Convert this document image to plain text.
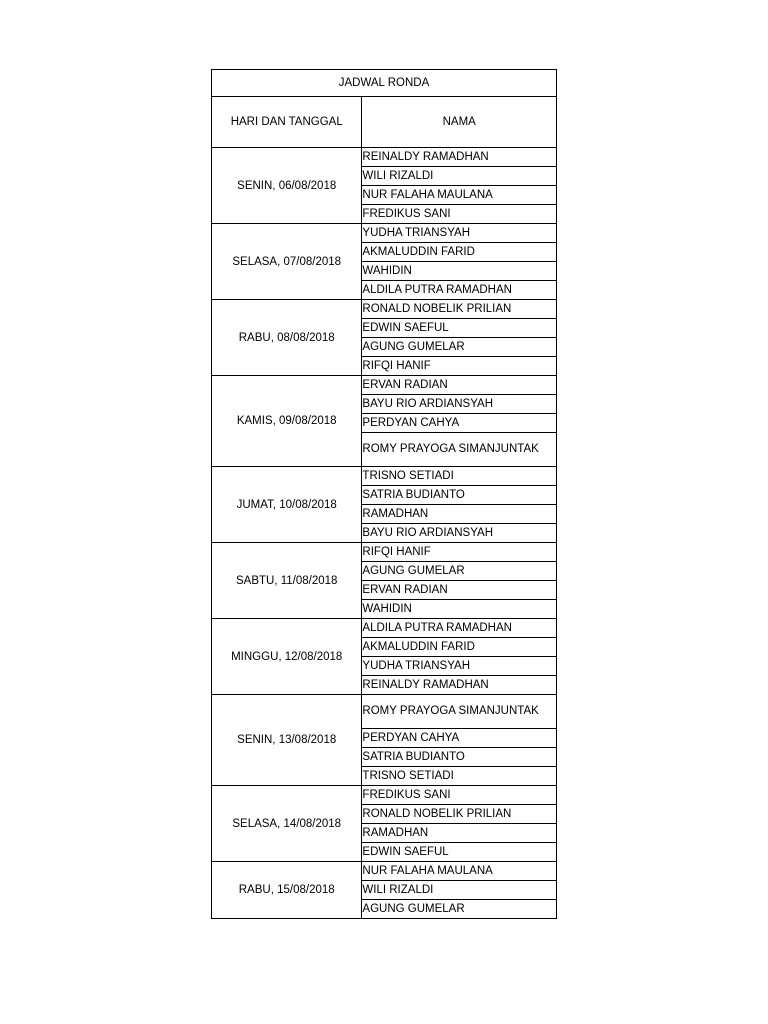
JADWAL RONDA	
HARI DAN TANGGAL	NAMA
SENIN, 06/08/2018	REINALDY RAMADHAN
	WILI RIZALDI
	NUR FALAHA MAULANA
	FREDIKUS SANI
SELASA, 07/08/2018	YUDHA TRIANSYAH
	AKMALUDDIN FARID
	WAHIDIN
	ALDILA PUTRA RAMADHAN
RABU, 08/08/2018	RONALD NOBELIK PRILIAN
	EDWIN SAEFUL
	AGUNG GUMELAR
	RIFQI HANIF
KAMIS, 09/08/2018	ERVAN RADIAN
	BAYU RIO ARDIANSYAH
	PERDYAN CAHYA
	ROMY PRAYOGA SIMANJUNTAK
JUMAT, 10/08/2018	TRISNO SETIADI
	SATRIA BUDIANTO
	RAMADHAN
	BAYU RIO ARDIANSYAH
SABTU, 11/08/2018	RIFQI HANIF
	AGUNG GUMELAR
	ERVAN RADIAN
	WAHIDIN
MINGGU, 12/08/2018	ALDILA PUTRA RAMADHAN
	AKMALUDDIN FARID
	YUDHA TRIANSYAH
	REINALDY RAMADHAN
SENIN, 13/08/2018	ROMY PRAYOGA SIMANJUNTAK
	PERDYAN CAHYA
	SATRIA BUDIANTO
	TRISNO SETIADI
SELASA, 14/08/2018	FREDIKUS SANI
	RONALD NOBELIK PRILIAN
	RAMADHAN
	EDWIN SAEFUL
RABU, 15/08/2018	NUR FALAHA MAULANA
	WILI RIZALDI
	AGUNG GUMELAR
